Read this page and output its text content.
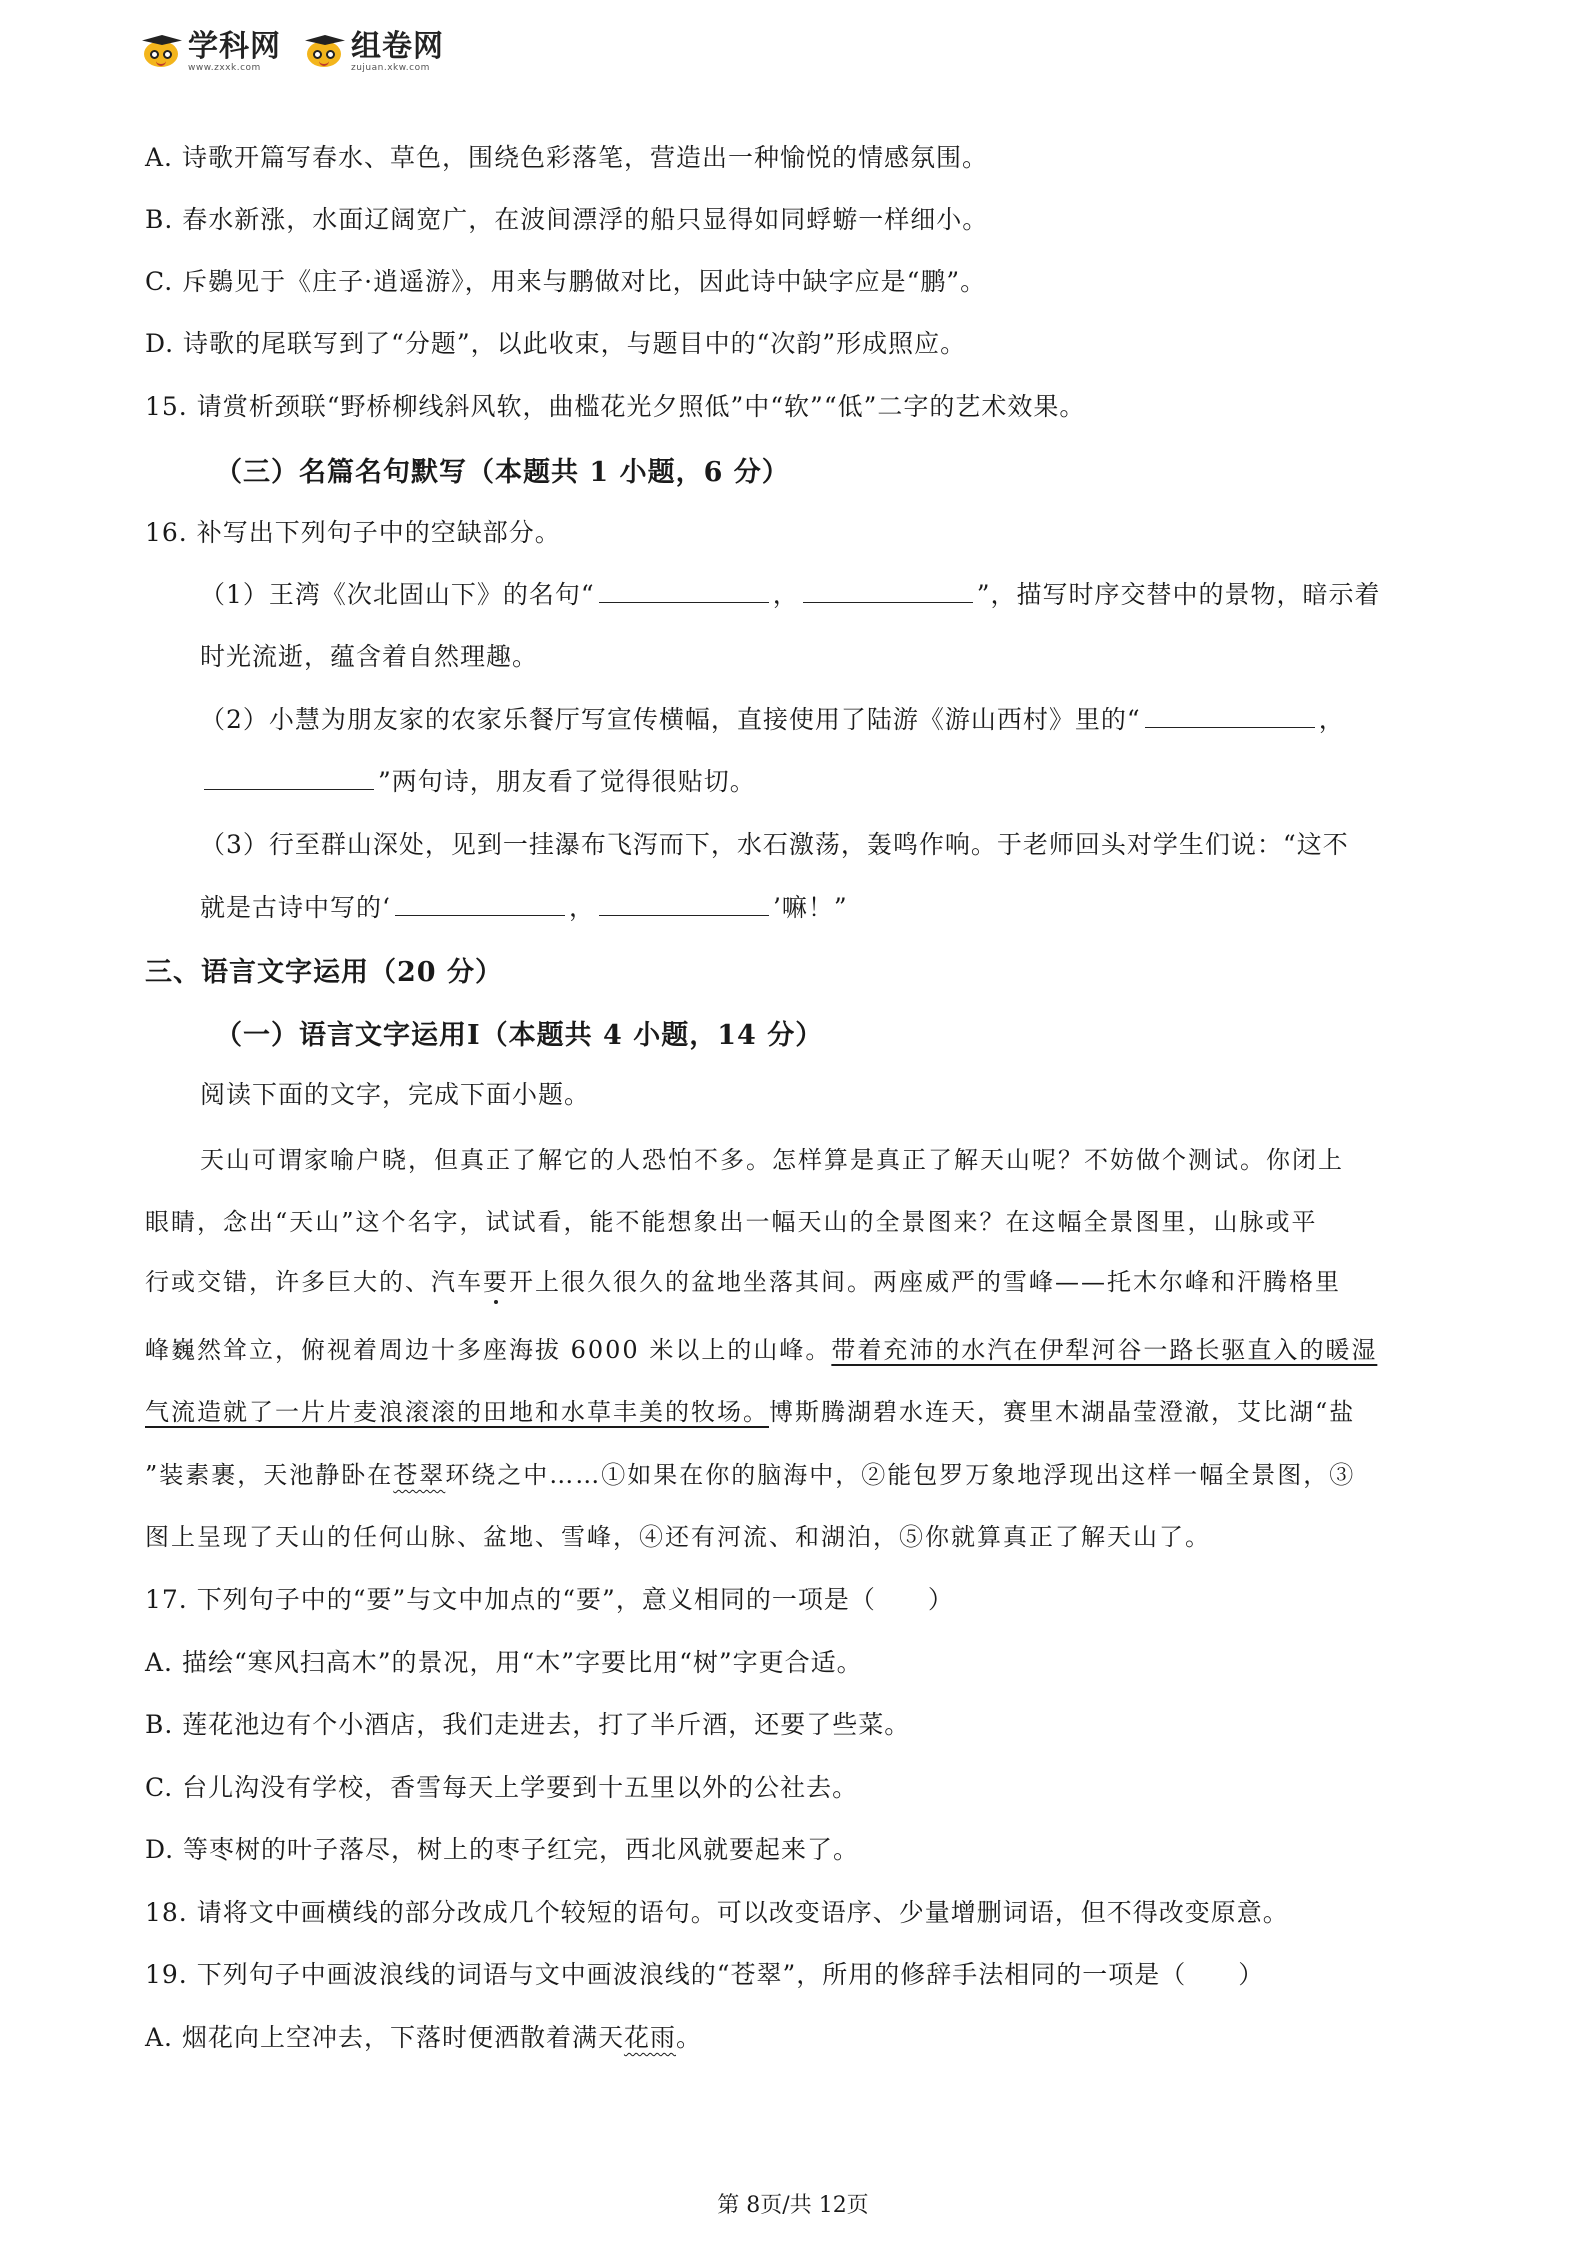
学科网
www.zxxk.com
组卷网
zujuan.xkw.com
A. 诗歌开篇写春水、草色，围绕色彩落笔，营造出一种愉悦的情感氛围。
B. 春水新涨，水面辽阔宽广，在波间漂浮的船只显得如同蜉蝣一样细小。
C. 斥鷃见于《庄子·逍遥游》，用来与鹏做对比，因此诗中缺字应是“鹏”。
D. 诗歌的尾联写到了“分题”，以此收束，与题目中的“次韵”形成照应。
15. 请赏析颈联“野桥柳线斜风软，曲槛花光夕照低”中“软”“低”二字的艺术效果。
（三）名篇名句默写（本题共 1 小题，6 分）
16. 补写出下列句子中的空缺部分。
（1）王湾《次北固山下》的名句“	，	”，描写时序交替中的景物，暗示着
时光流逝，蕴含着自然理趣。
（2）小慧为朋友家的农家乐餐厅写宣传横幅，直接使用了陆游《游山西村》里的“	，
”两句诗，朋友看了觉得很贴切。
（3）行至群山深处，见到一挂瀑布飞泻而下，水石激荡，轰鸣作响。于老师回头对学生们说：“这不
就是古诗中写的‘	，	’嘛！”
三、语言文字运用（20 分）
（一）语言文字运用Ⅰ（本题共 4 小题，14 分）
阅读下面的文字，完成下面小题。
天山可谓家喻户晓，但真正了解它的人恐怕不多。怎样算是真正了解天山呢？不妨做个测试。你闭上
眼睛，念出“天山”这个名字，试试看，能不能想象出一幅天山的全景图来？在这幅全景图里，山脉或平
行或交错，许多巨大的、汽车要开上很久很久的盆地坐落其间。两座威严的雪峰——托木尔峰和汗腾格里
峰巍然耸立，俯视着周边十多座海拔 6000 米以上的山峰。带着充沛的水汽在伊犁河谷一路长驱直入的暖湿
气流造就了一片片麦浪滚滚的田地和水草丰美的牧场。博斯腾湖碧水连天，赛里木湖晶莹澄澈，艾比湖“盐
”装素裹，天池静卧在苍翠环绕之中……①如果在你的脑海中，②能包罗万象地浮现出这样一幅全景图，③
图上呈现了天山的任何山脉、盆地、雪峰，④还有河流、和湖泊，⑤你就算真正了解天山了。
17. 下列句子中的“要”与文中加点的“要”，意义相同的一项是（　　）
A. 描绘“寒风扫高木”的景况，用“木”字要比用“树”字更合适。
B. 莲花池边有个小酒店，我们走进去，打了半斤酒，还要了些菜。
C. 台儿沟没有学校，香雪每天上学要到十五里以外的公社去。
D. 等枣树的叶子落尽，树上的枣子红完，西北风就要起来了。
18. 请将文中画横线的部分改成几个较短的语句。可以改变语序、少量增删词语，但不得改变原意。
19. 下列句子中画波浪线的词语与文中画波浪线的“苍翠”，所用的修辞手法相同的一项是（　　）
A. 烟花向上空冲去，下落时便洒散着满天花雨。
第 8页/共 12页
